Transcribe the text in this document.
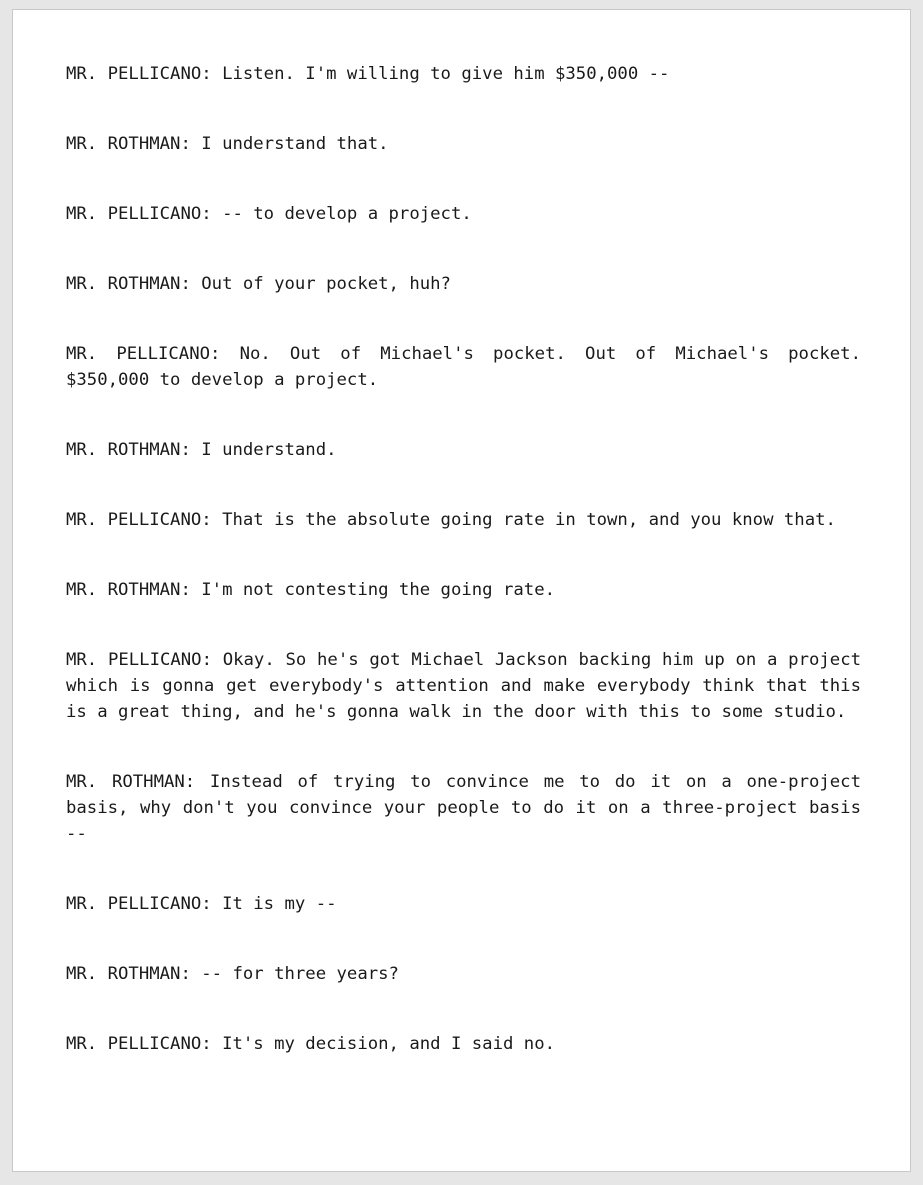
MR. PELLICANO: Listen. I'm willing to give him $350,000 --

MR. ROTHMAN: I understand that.

MR. PELLICANO: -- to develop a project.

MR. ROTHMAN: Out of your pocket, huh?

MR. PELLICANO: No. Out of Michael's pocket. Out of Michael's pocket. $350,000 to develop a project.

MR. ROTHMAN: I understand.

MR. PELLICANO: That is the absolute going rate in town, and you know that.

MR. ROTHMAN: I'm not contesting the going rate.

MR. PELLICANO: Okay. So he's got Michael Jackson backing him up on a project which is gonna get everybody's attention and make everybody think that this is a great thing, and he's gonna walk in the door with this to some studio.

MR. ROTHMAN: Instead of trying to convince me to do it on a one-project basis, why don't you convince your people to do it on a three-project basis --

MR. PELLICANO: It is my --

MR. ROTHMAN: -- for three years?

MR. PELLICANO: It's my decision, and I said no.
